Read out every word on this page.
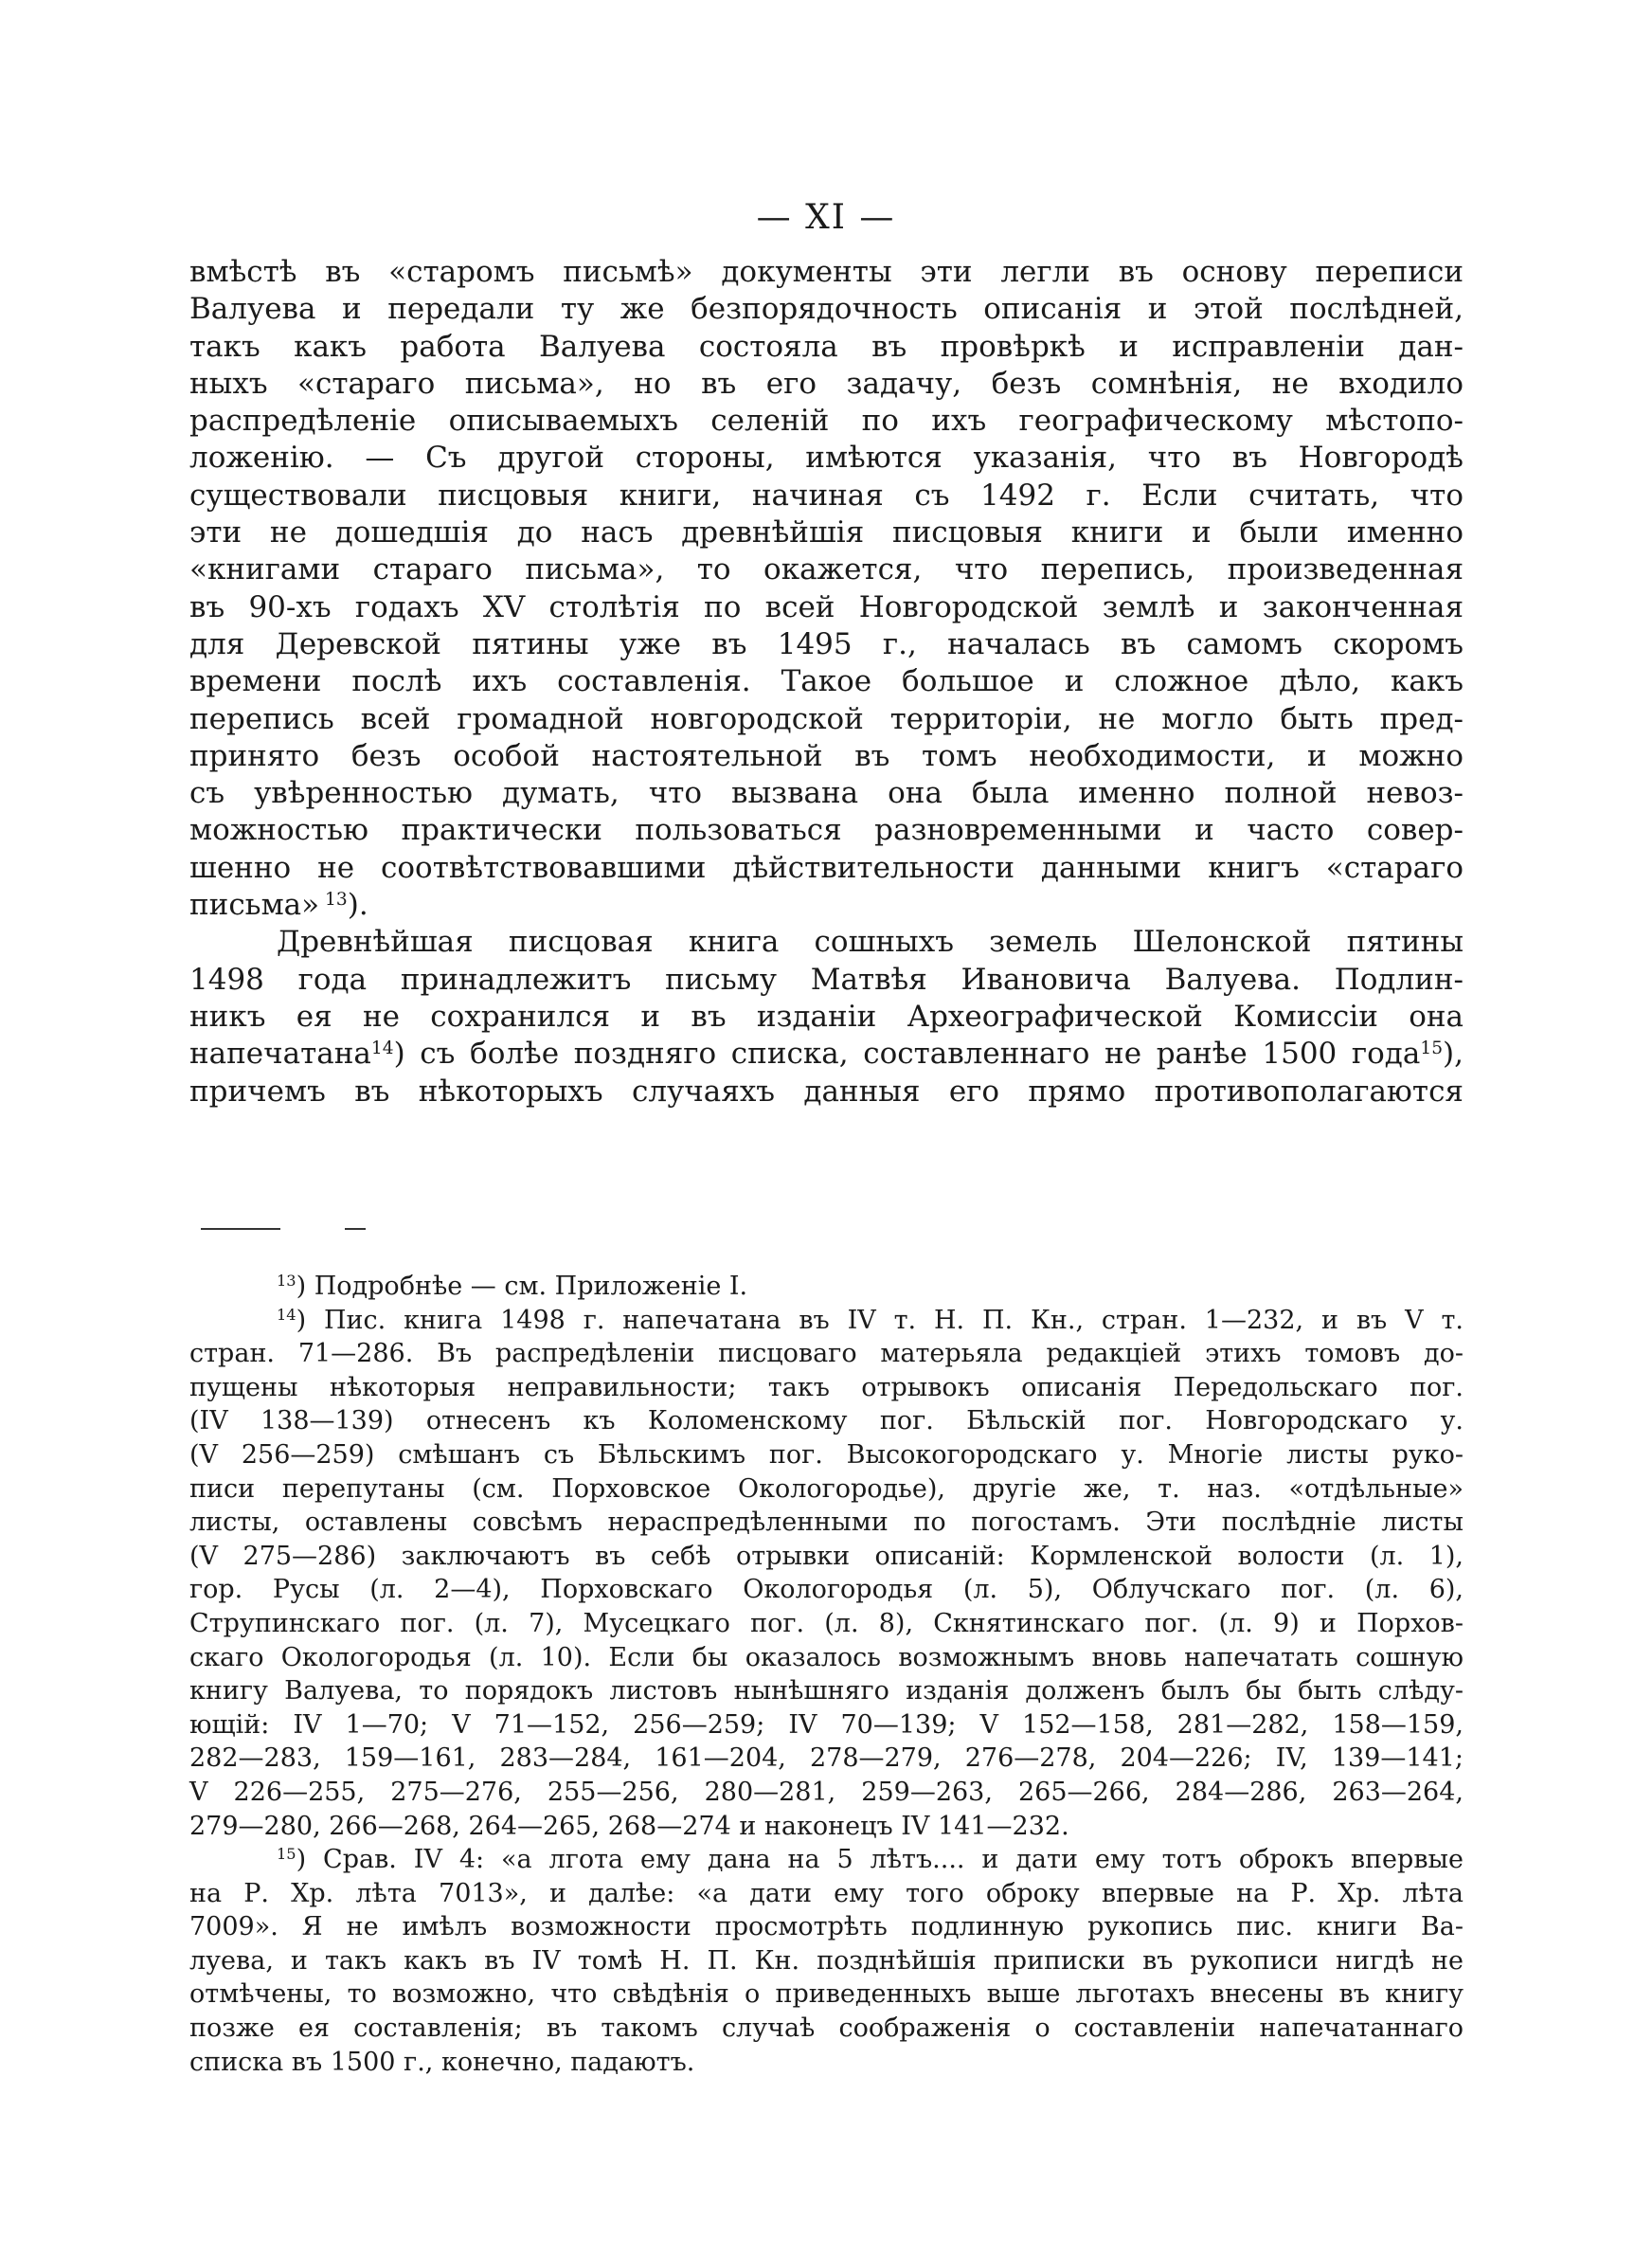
— XI —
вмѣстѣ въ «старомъ письмѣ» документы эти легли въ основу переписи
Валуева и передали ту же безпорядочность описанія и этой послѣдней,
такъ какъ работа Валуева состояла въ провѣркѣ и исправленіи дан-
ныхъ «стараго письма», но въ его задачу, безъ сомнѣнія, не входило
распредѣленіе описываемыхъ селеній по ихъ географическому мѣстопо-
ложенію. — Съ другой стороны, имѣются указанія, что въ Новгородѣ
существовали писцовыя книги, начиная съ 1492 г. Если считать, что
эти не дошедшія до насъ древнѣйшія писцовыя книги и были именно
«книгами стараго письма», то окажется, что перепись, произведенная
въ 90-хъ годахъ XV столѣтія по всей Новгородской землѣ и законченная
для Деревской пятины уже въ 1495 г., началась въ самомъ скоромъ
времени послѣ ихъ составленія. Такое большое и сложное дѣло, какъ
перепись всей громадной новгородской территоріи, не могло быть пред-
принято безъ особой настоятельной въ томъ необходимости, и можно
съ увѣренностью думать, что вызвана она была именно полной невоз-
можностью практически пользоваться разновременными и часто совер-
шенно не соотвѣтствовавшими дѣйствительности данными книгъ «стараго
письма» $^{13}$).
Древнѣйшая писцовая книга сошныхъ земель Шелонской пятины
1498 года принадлежитъ письму Матвѣя Ивановича Валуева. Подлин-
никъ ея не сохранился и въ изданіи Археографической Комиссіи она
напечатана$^{14}$) съ болѣе поздняго списка, составленнаго не ранѣе 1500 года$^{15}$),
причемъ въ нѣкоторыхъ случаяхъ данныя его прямо противополагаются
$^{13}$) Подробнѣе — см. Приложеніе I.
$^{14}$) Пис. книга 1498 г. напечатана въ IV т. Н. П. Кн., стран. 1—232, и въ V т.
стран. 71—286. Въ распредѣленіи писцоваго матерьяла редакціей этихъ томовъ до-
пущены нѣкоторыя неправильности; такъ отрывокъ описанія Передольскаго пог.
(IV 138—139) отнесенъ къ Коломенскому пог. Бѣльскій пог. Новгородскаго у.
(V 256—259) смѣшанъ съ Бѣльскимъ пог. Высокогородскаго у. Многіе листы руко-
писи перепутаны (см. Порховское Окологородье), другіе же, т. наз. «отдѣльные»
листы, оставлены совсѣмъ нераспредѣленными по погостамъ. Эти послѣдніе листы
(V 275—286) заключаютъ въ себѣ отрывки описаній: Кормленской волости (л. 1),
гор. Русы (л. 2—4), Порховскаго Окологородья (л. 5), Облучскаго пог. (л. 6),
Струпинскаго пог. (л. 7), Мусецкаго пог. (л. 8), Скнятинскаго пог. (л. 9) и Порхов-
скаго Окологородья (л. 10). Если бы оказалось возможнымъ вновь напечатать сошную
книгу Валуева, то порядокъ листовъ нынѣшняго изданія долженъ былъ бы быть слѣду-
ющій: IV 1—70; V 71—152, 256—259; IV 70—139; V 152—158, 281—282, 158—159,
282—283, 159—161, 283—284, 161—204, 278—279, 276—278, 204—226; IV, 139—141;
V 226—255, 275—276, 255—256, 280—281, 259—263, 265—266, 284—286, 263—264,
279—280, 266—268, 264—265, 268—274 и наконецъ IV 141—232.
$^{15}$) Срав. IV 4: «а лгота ему дана на 5 лѣтъ.... и дати ему тотъ оброкъ впервые
на Р. Хр. лѣта 7013», и далѣе: «а дати ему того оброку впервые на Р. Хр. лѣта
7009». Я не имѣлъ возможности просмотрѣть подлинную рукопись пис. книги Ва-
луева, и такъ какъ въ IV томѣ Н. П. Кн. позднѣйшія приписки въ рукописи нигдѣ не
отмѣчены, то возможно, что свѣдѣнія о приведенныхъ выше льготахъ внесены въ книгу
позже ея составленія; въ такомъ случаѣ соображенія о составленіи напечатаннаго
списка въ 1500 г., конечно, падаютъ.
